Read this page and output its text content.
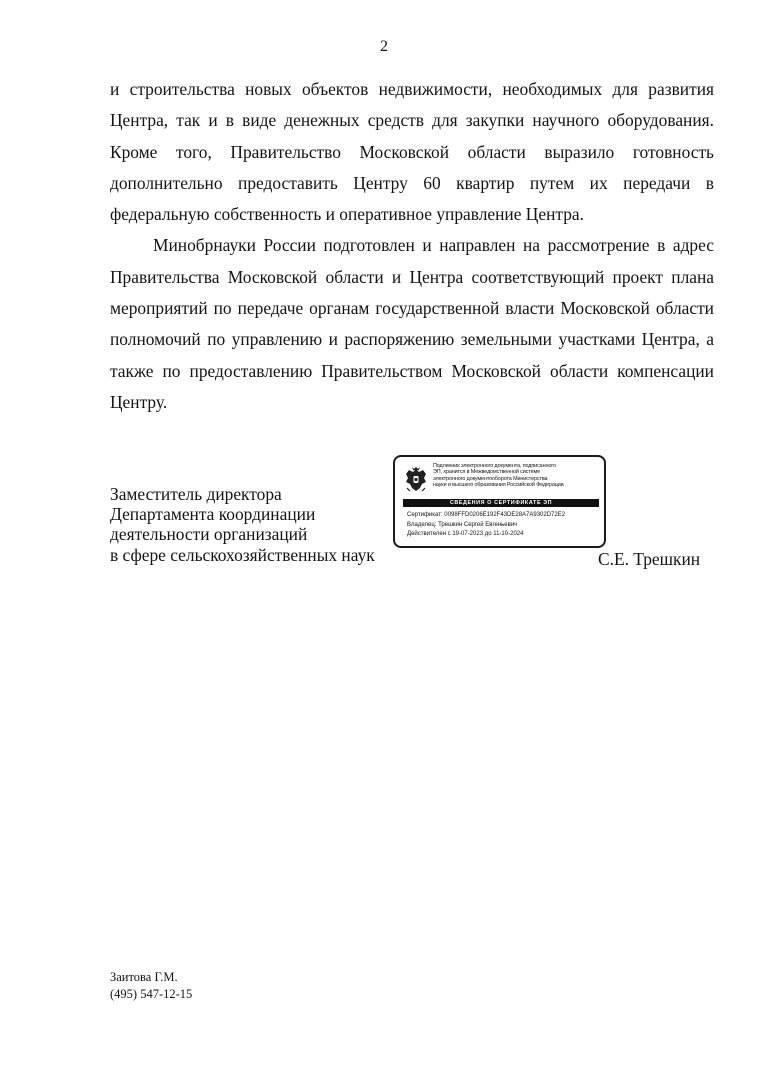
2

и строительства новых объектов недвижимости, необходимых для развития Центра, так и в виде денежных средств для закупки научного оборудования. Кроме того, Правительство Московской области выразило готовность дополнительно предоставить Центру 60 квартир путем их передачи в федеральную собственность и оперативное управление Центра.

Минобрнауки России подготовлен и направлен на рассмотрение в адрес Правительства Московской области и Центра соответствующий проект плана мероприятий по передаче органам государственной власти Московской области полномочий по управлению и распоряжению земельными участками Центра, а также по предоставлению Правительством Московской области компенсации Центру.

Заместитель директора
Департамента координации
деятельности организаций
в сфере сельскохозяйственных наук
Подлинник электронного документа, подписанного
ЭП, хранится в Межведомственной системе
электронного документооборота Министерства
науки и высшего образования Российской Федерации
СВЕДЕНИЯ О СЕРТИФИКАТЕ ЭП
Сертификат: 0098FFD0206E192F43DE28A7A9302D72E2
Владелец: Трешкин Сергей Евгеньевич
Действителен с 19-07-2023 до 11-10-2024
С.Е. Трешкин
Заитова Г.М.
(495) 547-12-15
